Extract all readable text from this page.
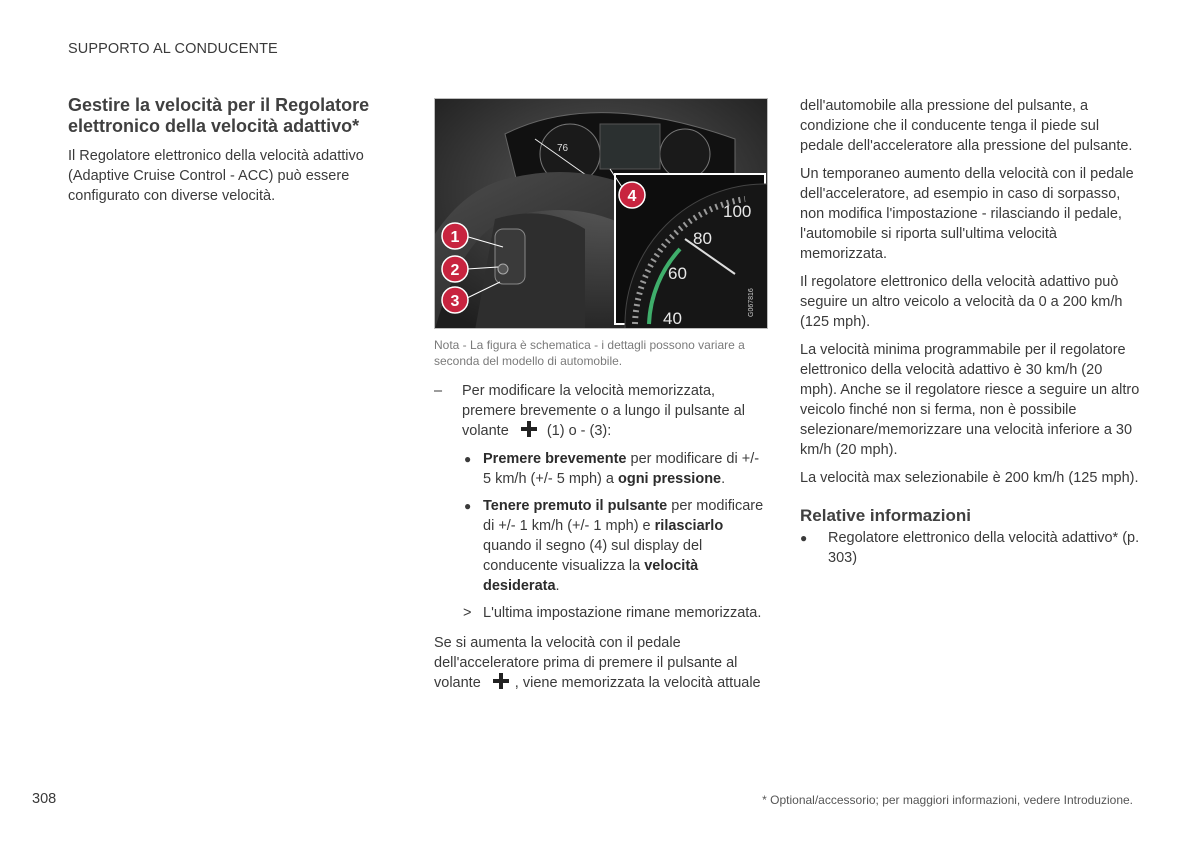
SUPPORTO AL CONDUCENTE
Gestire la velocità per il Regolatore elettronico della velocità adattivo*

Il Regolatore elettronico della velocità adattivo (Adaptive Cruise Control - ACC) può essere configurato con diverse velocità.

76
100
80
60
40
G067816
1
2
3
4

Nota - La figura è schematica - i dettagli possono variare a seconda del modello di automobile.

– Per modificare la velocità memorizzata, premere brevemente o a lungo il pulsante al volante	(1) o - (3):
● Premere brevemente per modificare di +/- 5 km/h (+/- 5 mph) a ogni pressione.
● Tenere premuto il pulsante per modificare di +/- 1 km/h (+/- 1 mph) e rilasciarlo quando il segno (4) sul display del conducente visualizza la velocità desiderata.
> L'ultima impostazione rimane memorizzata.

Se si aumenta la velocità con il pedale dell'acceleratore prima di premere il pulsante al volante , viene memorizzata la velocità attuale

dell'automobile alla pressione del pulsante, a condizione che il conducente tenga il piede sul pedale dell'acceleratore alla pressione del pulsante.

Un temporaneo aumento della velocità con il pedale dell'acceleratore, ad esempio in caso di sorpasso, non modifica l'impostazione - rilasciando il pedale, l'automobile si riporta sull'ultima velocità memorizzata.

Il regolatore elettronico della velocità adattivo può seguire un altro veicolo a velocità da 0 a 200 km/h (125 mph).

La velocità minima programmabile per il regolatore elettronico della velocità adattivo è 30 km/h (20 mph). Anche se il regolatore riesce a seguire un altro veicolo finché non si ferma, non è possibile selezionare/memorizzare una velocità inferiore a 30 km/h (20 mph).

La velocità max selezionabile è 200 km/h (125 mph).

Relative informazioni
● Regolatore elettronico della velocità adattivo* (p. 303)
308	* Optional/accessorio; per maggiori informazioni, vedere Introduzione.
